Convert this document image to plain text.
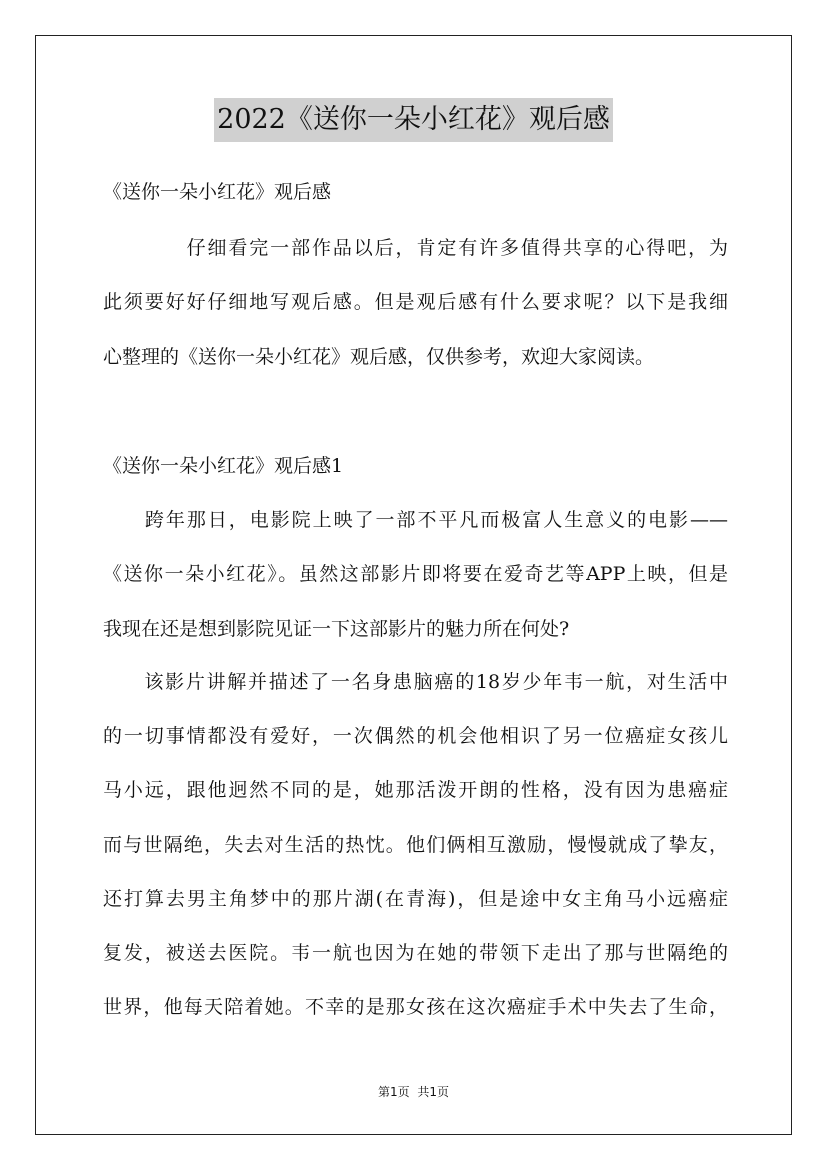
2022《送你一朵小红花》观后感
《送你一朵小红花》观后感
　　　　仔细看完一部作品以后，肯定有许多值得共享的心得吧，为
此须要好好仔细地写观后感。但是观后感有什么要求呢？以下是我细
心整理的《送你一朵小红花》观后感，仅供参考，欢迎大家阅读。
《送你一朵小红花》观后感1
　　跨年那日，电影院上映了一部不平凡而极富人生意义的电影——
《送你一朵小红花》。虽然这部影片即将要在爱奇艺等APP上映，但是
我现在还是想到影院见证一下这部影片的魅力所在何处?
　　该影片讲解并描述了一名身患脑癌的18岁少年韦一航，对生活中
的一切事情都没有爱好，一次偶然的机会他相识了另一位癌症女孩儿
马小远，跟他迥然不同的是，她那活泼开朗的性格，没有因为患癌症
而与世隔绝，失去对生活的热忱。他们俩相互激励，慢慢就成了挚友，
还打算去男主角梦中的那片湖(在青海)，但是途中女主角马小远癌症
复发，被送去医院。韦一航也因为在她的带领下走出了那与世隔绝的
世界，他每天陪着她。不幸的是那女孩在这次癌症手术中失去了生命，
第1页 共1页
